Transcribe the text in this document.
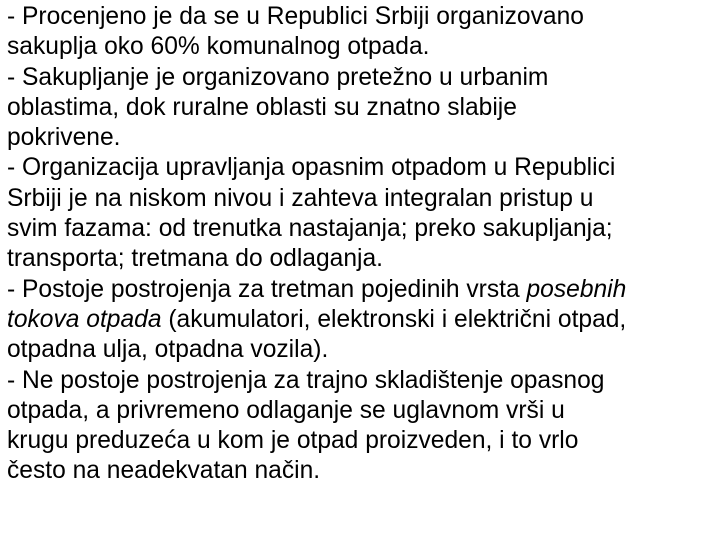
- Procenjeno je da se u Republici Srbiji organizovano
sakuplja oko 60% komunalnog otpada.
- Sakupljanje je organizovano pretežno u urbanim
oblastima, dok ruralne oblasti su znatno slabije
pokrivene.
- Organizacija upravljanja opasnim otpadom u Republici
Srbiji je na niskom nivou i zahteva integralan pristup u
svim fazama: od trenutka nastajanja; preko sakupljanja;
transporta; tretmana do odlaganja.
- Postoje postrojenja za tretman pojedinih vrsta posebnih
tokova otpada (akumulatori, elektronski i električni otpad,
otpadna ulja, otpadna vozila).
- Ne postoje postrojenja za trajno skladištenje opasnog
otpada, a privremeno odlaganje se uglavnom vrši u
krugu preduzeća u kom je otpad proizveden, i to vrlo
često na neadekvatan način.
